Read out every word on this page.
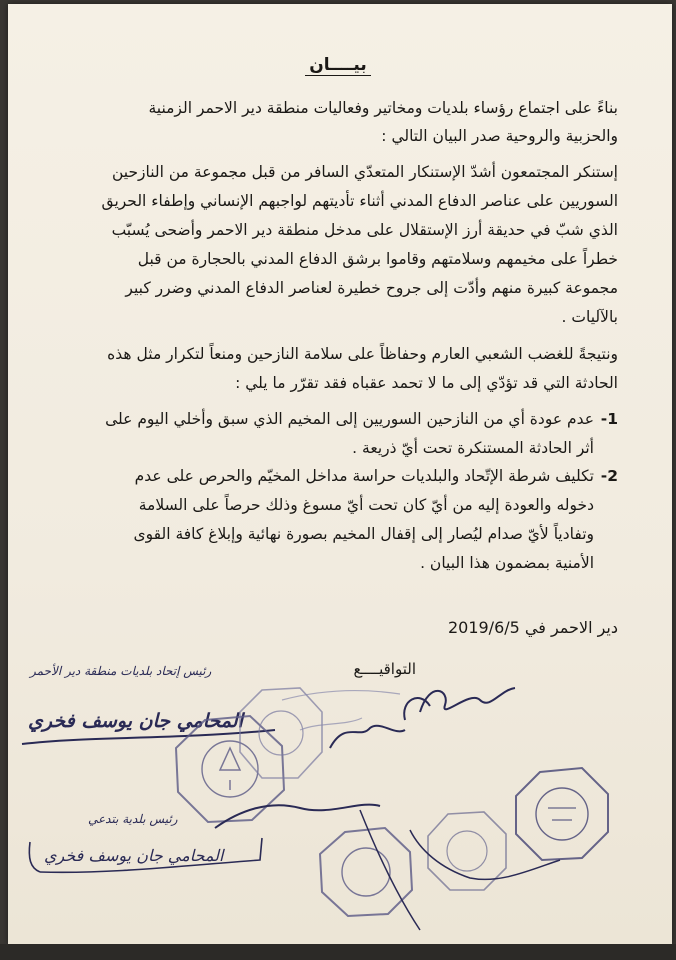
بيــــان
بناءً على اجتماع رؤساء بلديات ومخاتير وفعاليات منطقة دير الاحمر الزمنية
والحزبية والروحية صدر البيان التالي :
إستنكر المجتمعون أشدّ الإستنكار المتعدّي السافر من قبل مجموعة من النازحين
السوريين على عناصر الدفاع المدني أثناء تأديتهم لواجبهم الإنساني وإطفاء الحريق
الذي شبّ في حديقة أرز الإستقلال على مدخل منطقة دير الاحمر وأضحى يُسبّب
خطراً على مخيمهم وسلامتهم وقاموا برشق الدفاع المدني بالحجارة من قبل
مجموعة كبيرة منهم وأدّت إلى جروح خطيرة لعناصر الدفاع المدني وضرر كبير
بالآليات .
ونتيجةً للغضب الشعبي العارم وحفاظاً على سلامة النازحين ومنعاً لتكرار مثل هذه
الحادثة التي قد تؤدّي إلى ما لا تحمد عقباه فقد تقرّر ما يلي :
1-
عدم عودة أي من النازحين السوريين إلى المخيم الذي سبق وأخلي اليوم على
أثر الحادثة المستنكرة تحت أيّ ذريعة .
2-
تكليف شرطة الإتّحاد والبلديات حراسة مداخل المخيّم والحرص على عدم
دخوله والعودة إليه من أيّ كان تحت أيّ مسوغ وذلك حرصاً على السلامة
وتفادياً لأيّ صدام ليُصار إلى إقفال المخيم بصورة نهائية وإبلاغ كافة القوى
الأمنية بمضمون هذا البيان .
دير الاحمر في 2019/6/5
التواقيــــع
رئيس إتحاد بلديات منطقة دير الأحمر
المحامي جان يوسف فخري
رئيس بلدية بتدعي
المحامي جان يوسف فخري
